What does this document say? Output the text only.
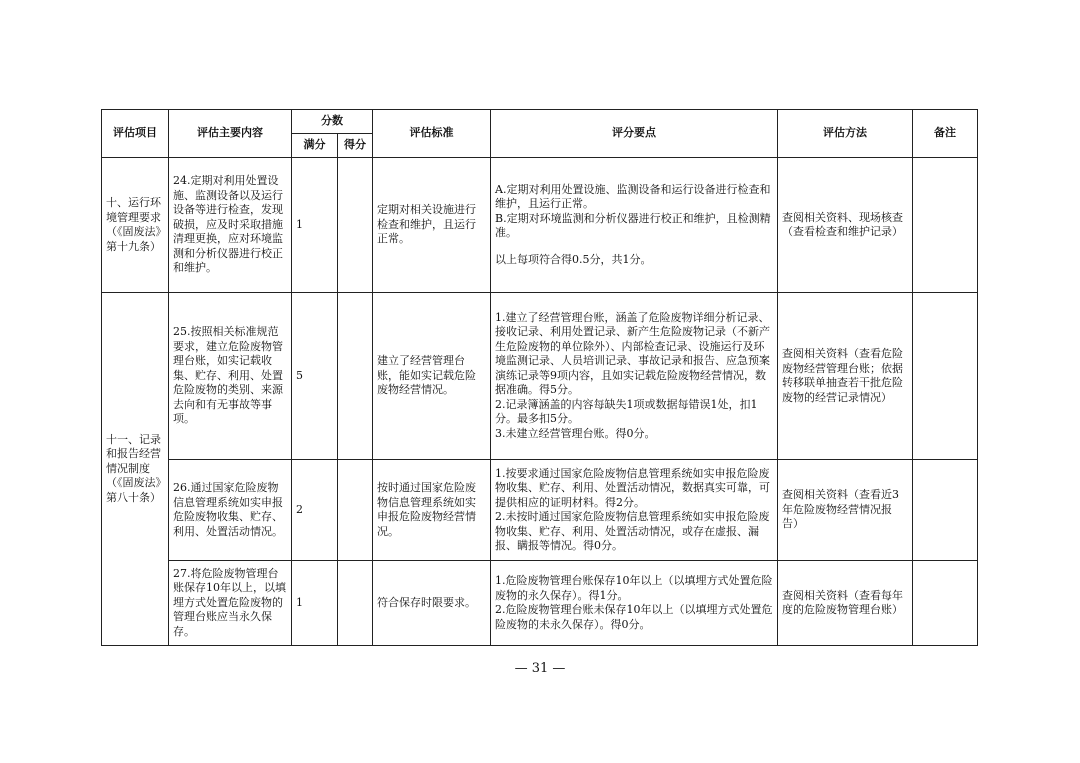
评估项目	评估主要内容	分数		评估标准	评分要点	评估方法	备注
		满分	得分				
十、运行环境管理要求（《固废法》第十九条）	24.定期对利用处置设施、监测设备以及运行设备等进行检查，发现破损，应及时采取措施清理更换，应对环境监测和分析仪器进行校正和维护。	1		定期对相关设施进行检查和维护，且运行正常。	A.定期对利用处置设施、监测设备和运行设备进行检查和维护，且运行正常。
B.定期对环境监测和分析仪器进行校正和维护，且检测精准。
以上每项符合得0.5分，共1分。	查阅相关资料、现场核查（查看检查和维护记录）	
十一、记录和报告经营情况制度（《固废法》第八十条）	25.按照相关标准规范要求，建立危险废物管理台账，如实记载收集、贮存、利用、处置危险废物的类别、来源去向和有无事故等事项。	5		建立了经营管理台账，能如实记载危险废物经营情况。	1.建立了经营管理台账，涵盖了危险废物详细分析记录、接收记录、利用处置记录、新产生危险废物记录（不新产生危险废物的单位除外）、内部检查记录、设施运行及环境监测记录、人员培训记录、事故记录和报告、应急预案演练记录等9项内容，且如实记载危险废物经营情况，数据准确。得5分。
2.记录簿涵盖的内容每缺失1项或数据每错误1处，扣1分。最多扣5分。
3.未建立经营管理台账。得0分。	查阅相关资料（查看危险废物经营管理台账；依据转移联单抽查若干批危险废物的经营记录情况）	
	26.通过国家危险废物信息管理系统如实申报危险废物收集、贮存、利用、处置活动情况。	2		按时通过国家危险废物信息管理系统如实申报危险废物经营情况。	1.按要求通过国家危险废物信息管理系统如实申报危险废物收集、贮存、利用、处置活动情况，数据真实可靠，可提供相应的证明材料。得2分。
2.未按时通过国家危险废物信息管理系统如实申报危险废物收集、贮存、利用、处置活动情况，或存在虚报、漏报、瞒报等情况。得0分。	查阅相关资料（查看近3年危险废物经营情况报告）	
	27.将危险废物管理台账保存10年以上，以填埋方式处置危险废物的管理台账应当永久保存。	1		符合保存时限要求。	1.危险废物管理台账保存10年以上（以填埋方式处置危险废物的永久保存）。得1分。
2.危险废物管理台账未保存10年以上（以填埋方式处置危险废物的未永久保存）。得0分。	查阅相关资料（查看每年度的危险废物管理台账）	
— 31 —
